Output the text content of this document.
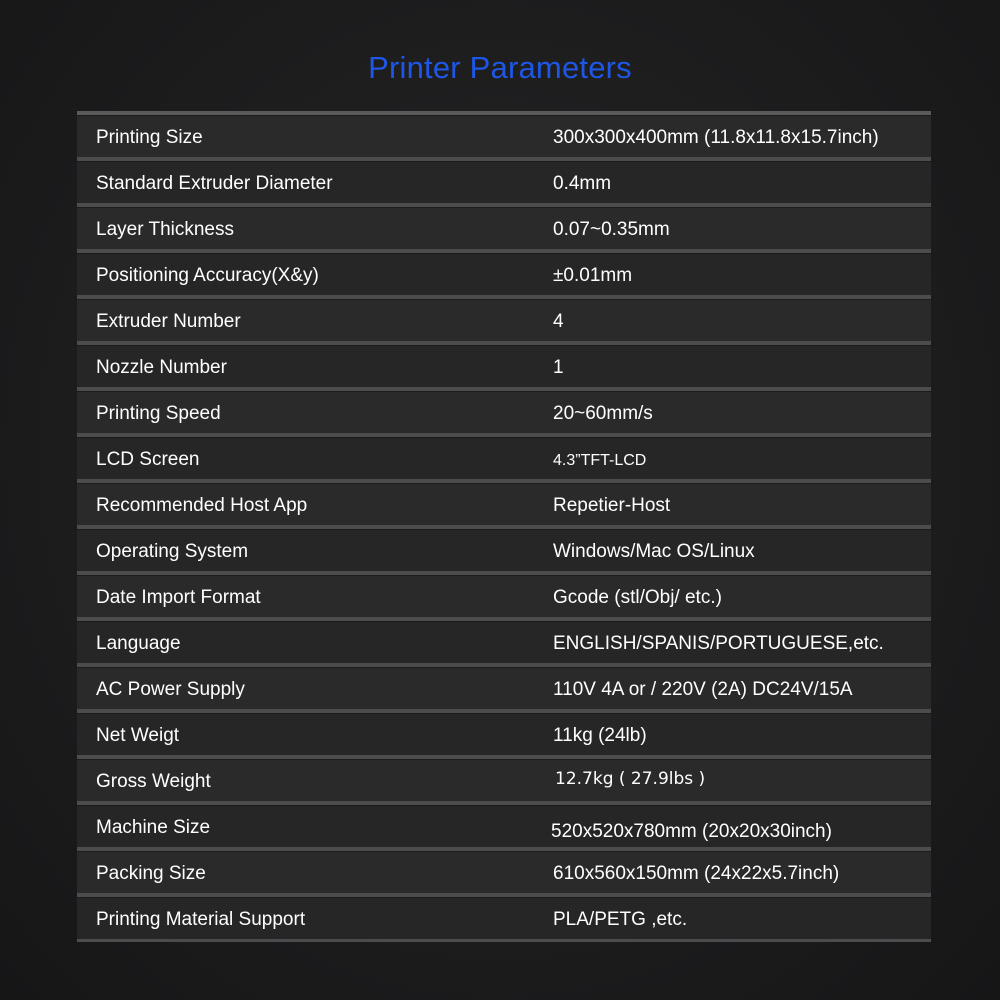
Printer Parameters
Printing Size	300x300x400mm (11.8x11.8x15.7inch)
Standard Extruder Diameter	0.4mm
Layer Thickness	0.07~0.35mm
Positioning Accuracy(X&y)	±0.01mm
Extruder Number	4
Nozzle Number	1
Printing Speed	20~60mm/s
LCD Screen	4.3”TFT-LCD
Recommended Host App	Repetier-Host
Operating System	Windows/Mac OS/Linux
Date Import Format	Gcode (stl/Obj/ etc.)
Language	ENGLISH/SPANIS/PORTUGUESE,etc.
AC Power Supply	110V 4A or / 220V (2A) DC24V/15A
Net Weigt	11kg (24lb)
Gross Weight	12.7kg ( 27.9lbs )
Machine Size	520x520x780mm (20x20x30inch)
Packing Size	610x560x150mm (24x22x5.7inch)
Printing Material Support	PLA/PETG ,etc.
